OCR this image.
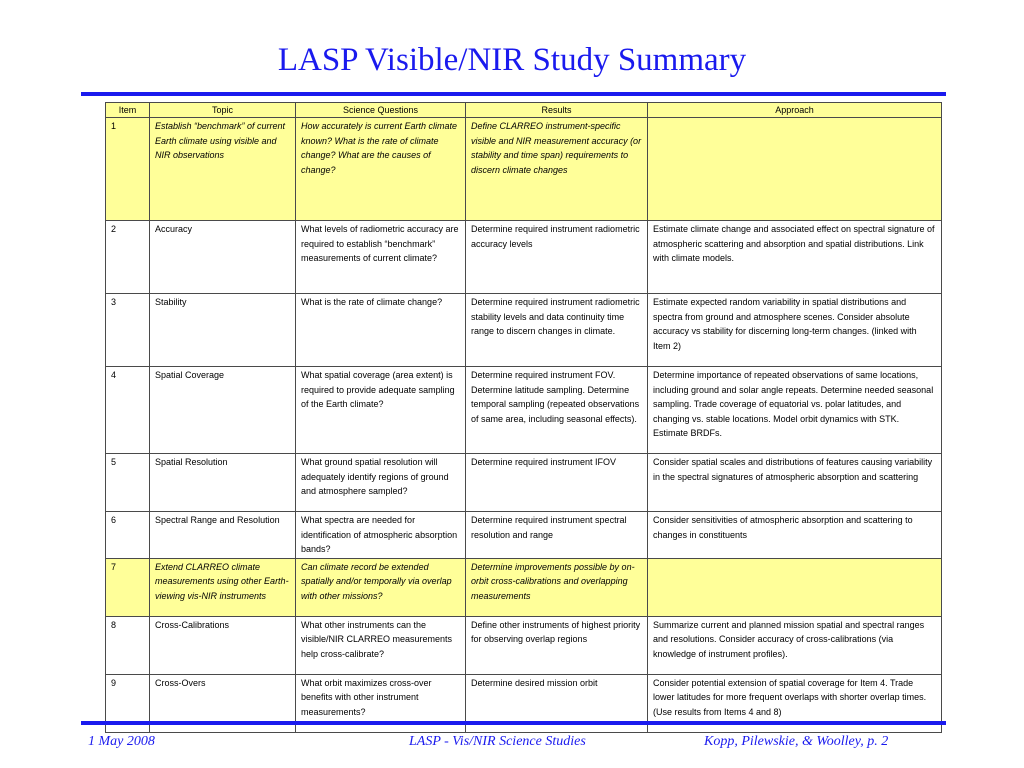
LASP Visible/NIR Study Summary
Item	Topic	Science Questions	Results	Approach
1	Establish “benchmark” of current Earth climate using visible and NIR observations	How accurately is current Earth climate known? What is the rate of climate change? What are the causes of change?	Define CLARREO instrument-specific visible and NIR measurement accuracy (or stability and time span) requirements to discern climate changes	
2	Accuracy	What levels of radiometric accuracy are required to establish “benchmark” measurements of current climate?	Determine required instrument radiometric accuracy levels	Estimate climate change and associated effect on spectral signature of atmospheric scattering and absorption and spatial distributions. Link with climate models.
3	Stability	What is the rate of climate change?	Determine required instrument radiometric stability levels and data continuity time range to discern changes in climate.	Estimate expected random variability in spatial distributions and spectra from ground and atmosphere scenes. Consider absolute accuracy vs stability for discerning long-term changes. (linked with Item 2)
4	Spatial Coverage	What spatial coverage (area extent) is required to provide adequate sampling of the Earth climate?	Determine required instrument FOV. Determine latitude sampling. Determine temporal sampling (repeated observations of same area, including seasonal effects).	Determine importance of repeated observations of same locations, including ground and solar angle repeats. Determine needed seasonal sampling. Trade coverage of equatorial vs. polar latitudes, and changing vs. stable locations. Model orbit dynamics with STK. Estimate BRDFs.
5	Spatial Resolution	What ground spatial resolution will adequately identify regions of ground and atmosphere sampled?	Determine required instrument IFOV	Consider spatial scales and distributions of features causing variability in the spectral signatures of atmospheric absorption and scattering
6	Spectral Range and Resolution	What spectra are needed for identification of atmospheric absorption bands?	Determine required instrument spectral resolution and range	Consider sensitivities of atmospheric absorption and scattering to changes in constituents
7	Extend CLARREO climate measurements using other Earth-viewing vis-NIR instruments	Can climate record be extended spatially and/or temporally via overlap with other missions?	Determine improvements possible by on-orbit cross-calibrations and overlapping measurements	
8	Cross-Calibrations	What other instruments can the visible/NIR CLARREO measurements help cross-calibrate?	Define other instruments of highest priority for observing overlap regions	Summarize current and planned mission spatial and spectral ranges and resolutions. Consider accuracy of cross-calibrations (via knowledge of instrument profiles).
9	Cross-Overs	What orbit maximizes cross-over benefits with other instrument measurements?	Determine desired mission orbit	Consider potential extension of spatial coverage for Item 4. Trade lower latitudes for more frequent overlaps with shorter overlap times. (Use results from Items 4 and 8)
1 May 2008	LASP - Vis/NIR Science Studies	Kopp, Pilewskie, & Woolley, p. 2
